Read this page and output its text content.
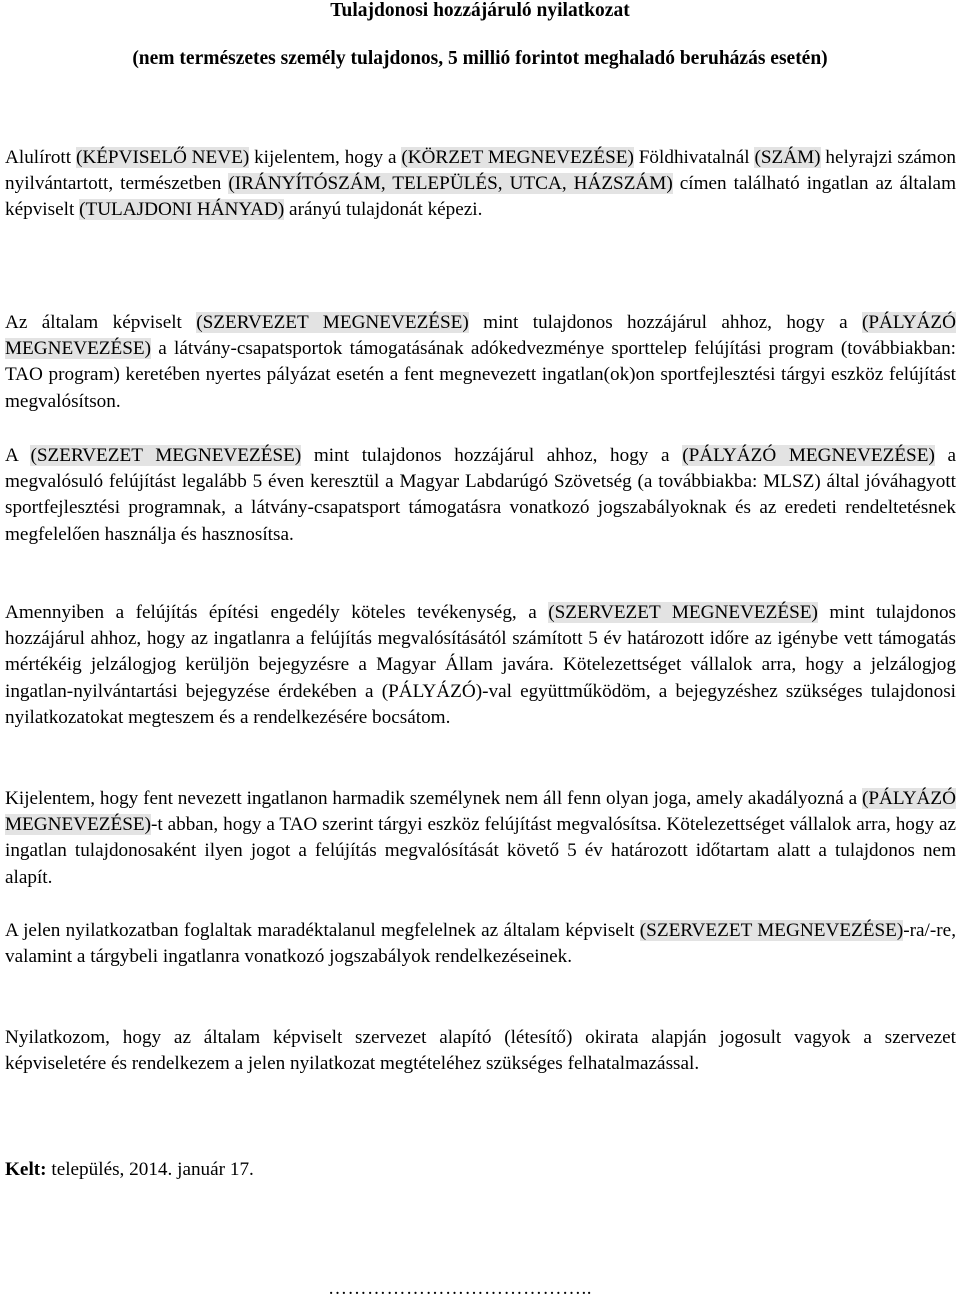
Tulajdonosi hozzájáruló nyilatkozat
(nem természetes személy tulajdonos, 5 millió forintot meghaladó beruházás esetén)

Alulírott (KÉPVISELŐ NEVE) kijelentem, hogy a (KÖRZET MEGNEVEZÉSE) Földhivatalnál (SZÁM) helyrajzi számon nyilvántartott, természetben (IRÁNYÍTÓSZÁM, TELEPÜLÉS, UTCA, HÁZSZÁM) címen található ingatlan az általam képviselt (TULAJDONI HÁNYAD) arányú tulajdonát képezi.

Az általam képviselt (SZERVEZET MEGNEVEZÉSE) mint tulajdonos hozzájárul ahhoz, hogy a (PÁLYÁZÓ MEGNEVEZÉSE) a látvány-csapatsportok támogatásának adókedvezménye sporttelep felújítási program (továbbiakban: TAO program) keretében nyertes pályázat esetén a fent megnevezett ingatlan(ok)on sportfejlesztési tárgyi eszköz felújítást megvalósítson.

A (SZERVEZET MEGNEVEZÉSE) mint tulajdonos hozzájárul ahhoz, hogy a (PÁLYÁZÓ MEGNEVEZÉSE) a megvalósuló felújítást legalább 5 éven keresztül a Magyar Labdarúgó Szövetség (a továbbiakba: MLSZ) által jóváhagyott sportfejlesztési programnak, a látvány-csapatsport támogatásra vonatkozó jogszabályoknak és az eredeti rendeltetésnek megfelelően használja és hasznosítsa.

Amennyiben a felújítás építési engedély köteles tevékenység, a (SZERVEZET MEGNEVEZÉSE) mint tulajdonos hozzájárul ahhoz, hogy az ingatlanra a felújítás megvalósításától számított 5 év határozott időre az igénybe vett támogatás mértékéig jelzálogjog kerüljön bejegyzésre a Magyar Állam javára. Kötelezettséget vállalok arra, hogy a jelzálogjog ingatlan-nyilvántartási bejegyzése érdekében a (PÁLYÁZÓ)-val együttműködöm, a bejegyzéshez szükséges tulajdonosi nyilatkozatokat megteszem és a rendelkezésére bocsátom.

Kijelentem, hogy fent nevezett ingatlanon harmadik személynek nem áll fenn olyan joga, amely akadályozná a (PÁLYÁZÓ MEGNEVEZÉSE)-t abban, hogy a TAO szerint tárgyi eszköz felújítást megvalósítsa. Kötelezettséget vállalok arra, hogy az ingatlan tulajdonosaként ilyen jogot a felújítás megvalósítását követő 5 év határozott időtartam alatt a tulajdonos nem alapít.

A jelen nyilatkozatban foglaltak maradéktalanul megfelelnek az általam képviselt (SZERVEZET MEGNEVEZÉSE)-ra/-re, valamint a tárgybeli ingatlanra vonatkozó jogszabályok rendelkezéseinek.

Nyilatkozom, hogy az általam képviselt szervezet alapító (létesítő) okirata alapján jogosult vagyok a szervezet képviseletére és rendelkezem a jelen nyilatkozat megtételéhez szükséges felhatalmazással.

Kelt: település, 2014. január 17.
…………………………………..
